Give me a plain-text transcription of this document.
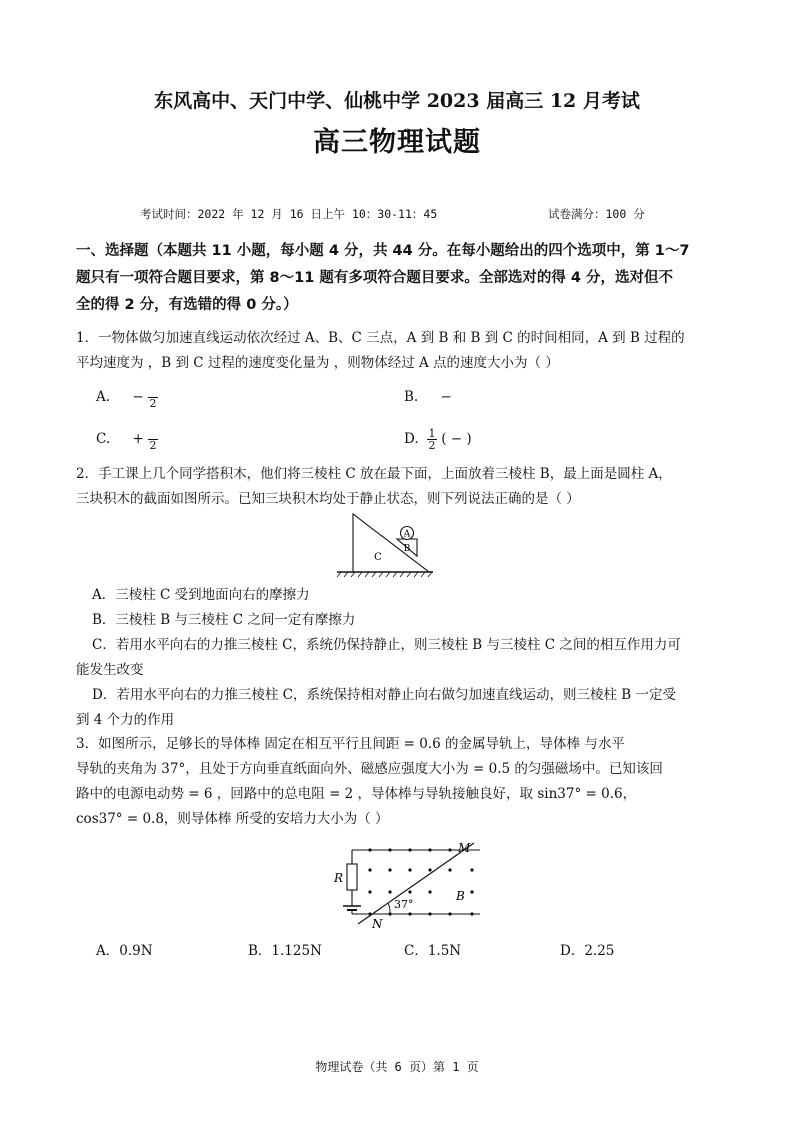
东风高中、天门中学、仙桃中学 2023 届高三 12 月考试
高三物理试题
考试时间：2022 年 12 月 16 日上午 10：30-11：45	试卷满分：100 分
一、选择题（本题共 11 小题，每小题 4 分，共 44 分。在每小题给出的四个选项中，第 1～7
题只有一项符合题目要求，第 8～11 题有多项符合题目要求。全部选对的得 4 分，选对但不
全的得 2 分，有选错的得 0 分。）
1．一物体做匀加速直线运动依次经过 A、B、C 三点，A 到 B 和 B 到 C 的时间相同，A 到 B 过程的
平均速度为 ，B 到 C 过程的速度变化量为 ，则物体经过 A 点的速度大小为（ ）
A. − 2	B. −
C. + 2	D. $\frac{1}{2}$ ( − )
2．手工课上几个同学搭积木，他们将三棱柱 C 放在最下面，上面放着三棱柱 B，最上面是圆柱 A，
三块积木的截面如图所示。已知三块积木均处于静止状态，则下列说法正确的是（ ）
A
B
C
A．三棱柱 C 受到地面向右的摩擦力
B．三棱柱 B 与三棱柱 C 之间一定有摩擦力
C．若用水平向右的力推三棱柱 C，系统仍保持静止，则三棱柱 B 与三棱柱 C 之间的相互作用力可
能发生改变
D．若用水平向右的力推三棱柱 C，系统保持相对静止向右做匀加速直线运动，则三棱柱 B 一定受
到 4 个力的作用
3．如图所示，足够长的导体棒 固定在相互平行且间距 = 0.6 的金属导轨上，导体棒 与水平
导轨的夹角为 37°，且处于方向垂直纸面向外、磁感应强度大小为 = 0.5 的匀强磁场中。已知该回
路中的电源电动势 = 6 ，回路中的总电阻 = 2 ，导体棒与导轨接触良好，取 sin37° = 0.6，
cos37° = 0.8，则导体棒 所受的安培力大小为（ ）
R
M
N
B
37°
A．0.9N	B．1.125N	C．1.5N	D．2.25
物理试卷（共 6 页）第 1 页
